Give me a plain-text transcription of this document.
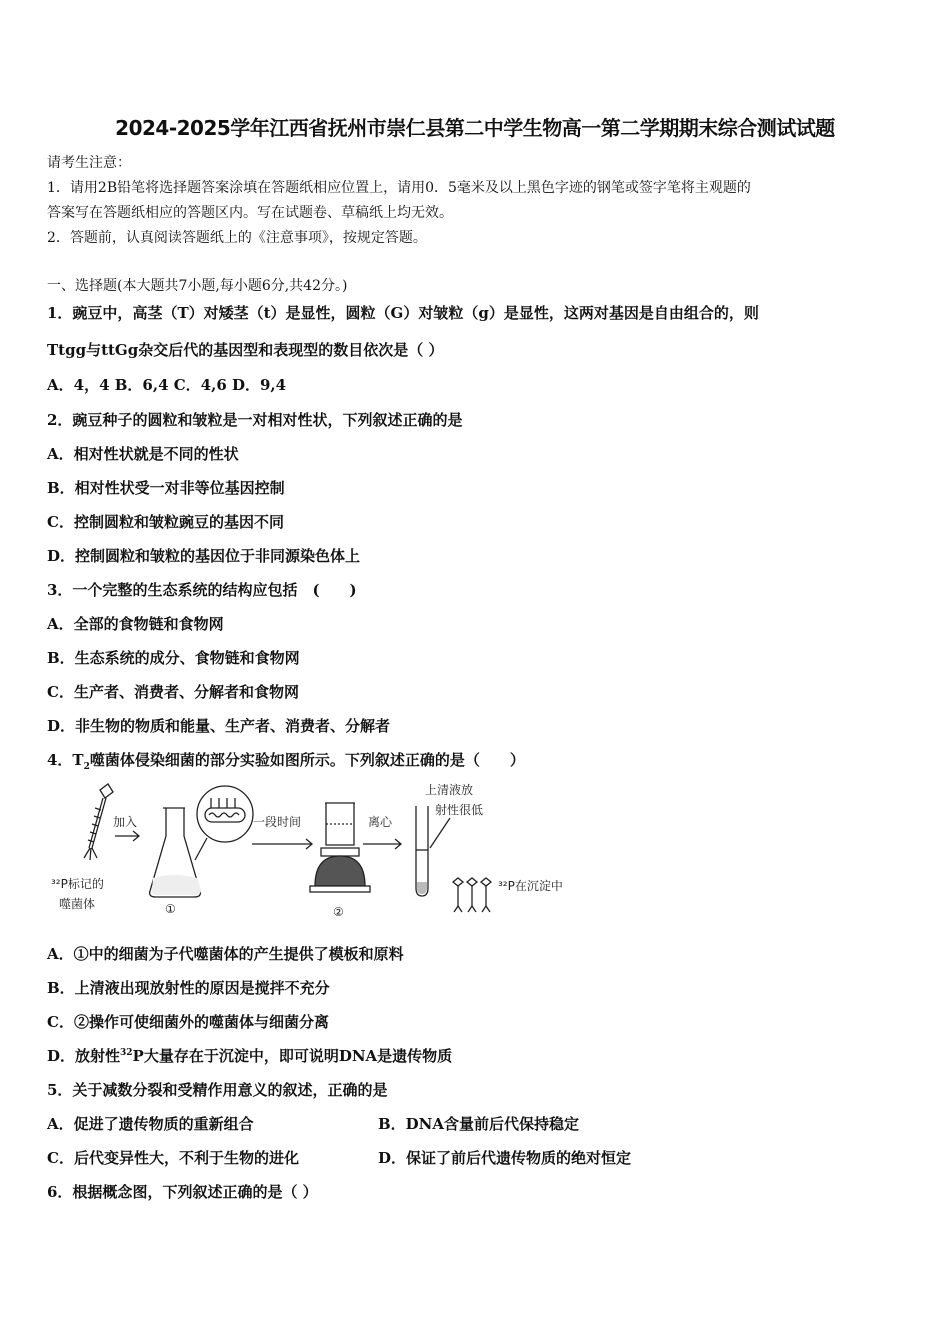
2024-2025学年江西省抚州市崇仁县第二中学生物高一第二学期期末综合测试试题
请考生注意：
1．请用2B铅笔将选择题答案涂填在答题纸相应位置上，请用0．5毫米及以上黑色字迹的钢笔或签字笔将主观题的
答案写在答题纸相应的答题区内。写在试题卷、草稿纸上均无效。
2．答题前，认真阅读答题纸上的《注意事项》，按规定答题。
一、选择题(本大题共7小题,每小题6分,共42分。)
1．豌豆中，高茎（T）对矮茎（t）是显性，圆粒（G）对皱粒（g）是显性，这两对基因是自由组合的，则
Ttgg与ttGg杂交后代的基因型和表现型的数目依次是（ ）
A．4，4 B．6,4 C．4,6 D．9,4
2．豌豆种子的圆粒和皱粒是一对相对性状，下列叙述正确的是
A．相对性状就是不同的性状
B．相对性状受一对非等位基因控制
C．控制圆粒和皱粒豌豆的基因不同
D．控制圆粒和皱粒的基因位于非同源染色体上
3．一个完整的生态系统的结构应包括　(　　)
A．全部的食物链和食物网
B．生态系统的成分、食物链和食物网
C．生产者、消费者、分解者和食物网
D．非生物的物质和能量、生产者、消费者、分解者
4．$T_2$噬菌体侵染细菌的部分实验如图所示。下列叙述正确的是（　　）
加入
³²P标记的
噬菌体	①
一段时间
②
离心
上清液放
射性很低
³²P在沉淀中
A．①中的细菌为子代噬菌体的产生提供了模板和原料
B．上清液出现放射性的原因是搅拌不充分
C．②操作可使细菌外的噬菌体与细菌分离
D．放射性$^{32}$P大量存在于沉淀中，即可说明DNA是遗传物质
5．关于减数分裂和受精作用意义的叙述，正确的是
A．促进了遗传物质的重新组合	B．DNA含量前后代保持稳定
C．后代变异性大，不利于生物的进化	D．保证了前后代遗传物质的绝对恒定
6．根据概念图，下列叙述正确的是（ ）
